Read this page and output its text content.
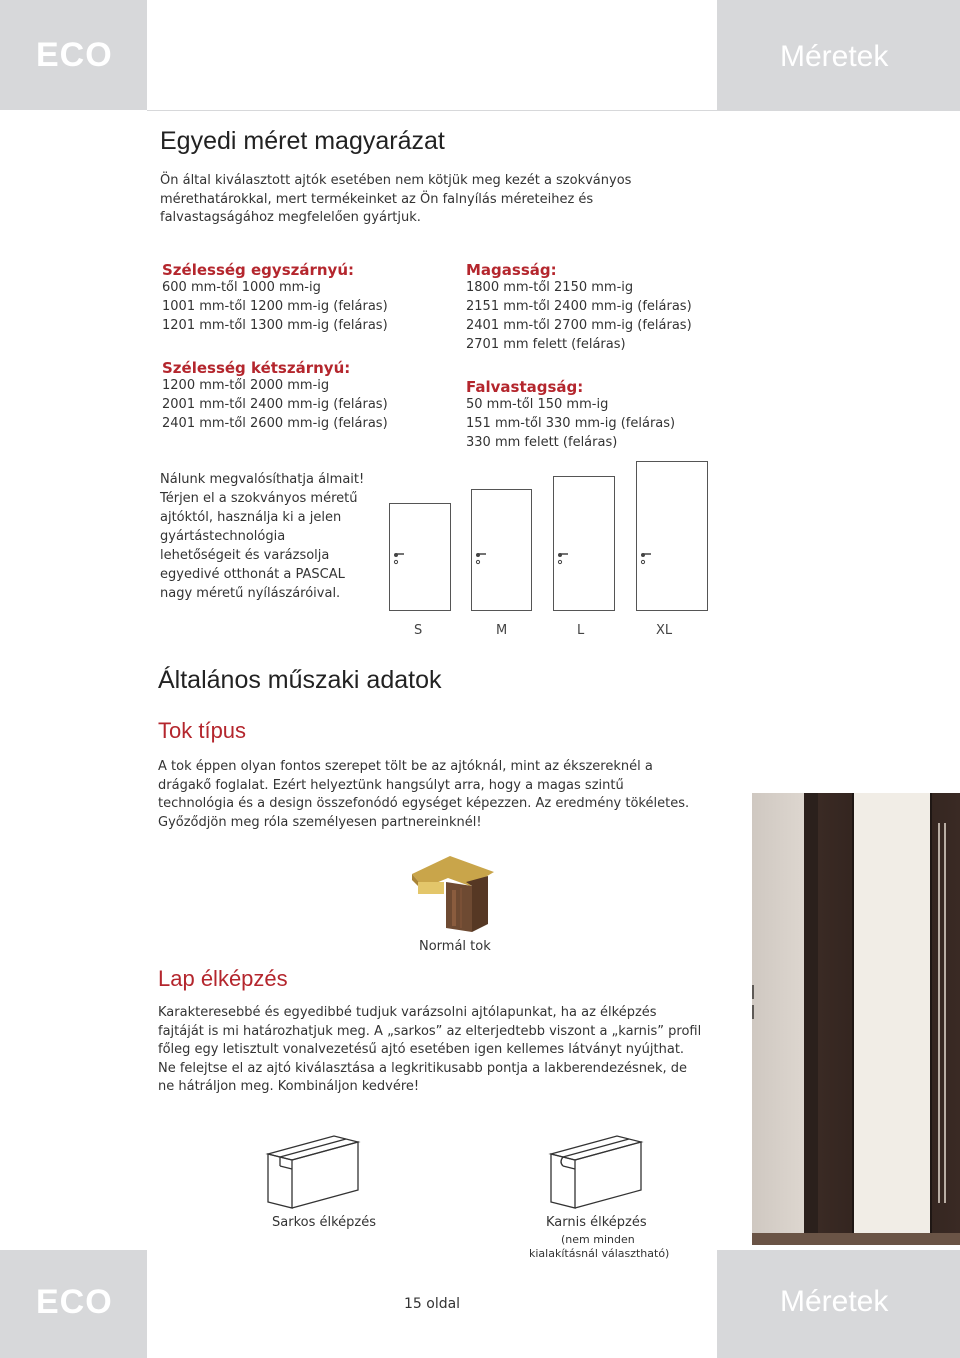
ECO	Méretek
Egyedi méret magyarázat
Ön által kiválasztott ajtók esetében nem kötjük meg kezét a szokványos mérethatárokkal, mert termékeinket az Ön falnyílás méreteihez és falvastagságához megfelelően gyártjuk.
Szélesség egyszárnyú:
600 mm-től 1000 mm-ig
1001 mm-től 1200 mm-ig (feláras)
1201 mm-től 1300 mm-ig (feláras)
Szélesség kétszárnyú:
1200 mm-től 2000 mm-ig
2001 mm-től 2400 mm-ig (feláras)
2401 mm-től 2600 mm-ig (feláras)
Magasság:
1800 mm-től 2150 mm-ig
2151 mm-től 2400 mm-ig (feláras)
2401 mm-től 2700 mm-ig (feláras)
2701 mm felett (feláras)
Falvastagság:
50 mm-től 150 mm-ig
151 mm-től 330 mm-ig (feláras)
330 mm felett (feláras)
Nálunk megvalósíthatja álmait!
Térjen el a szokványos méretű
ajtóktól, használja ki a jelen
gyártástechnológia
lehetőségeit és varázsolja
egyedivé otthonát a PASCAL
nagy méretű nyílászáróival.
S	M	L	XL
Általános műszaki adatok
Tok típus
A tok éppen olyan fontos szerepet tölt be az ajtóknál, mint az ékszereknél a drágakő foglalat. Ezért helyeztünk hangsúlyt arra, hogy a magas szintű technológia és a design összefonódó egységet képezzen. Az eredmény tökéletes. Győződjön meg róla személyesen partnereinknél!
Normál tok
Lap élképzés
Karakteresebbé és egyedibbé tudjuk varázsolni ajtólapunkat, ha az élképzés fajtáját is mi határozhatjuk meg. A „sarkos” az elterjedtebb viszont a „karnis” profil főleg egy letisztult vonalvezetésű ajtó esetében igen kellemes látványt nyújthat. Ne felejtse el az ajtó kiválasztása a legkritikusabb pontja a lakberendezésnek, de ne hátráljon meg. Kombináljon kedvére!
Sarkos élképzés	Karnis élképzés
(nem minden
kialakításnál választható)
ECO	15 oldal	Méretek
